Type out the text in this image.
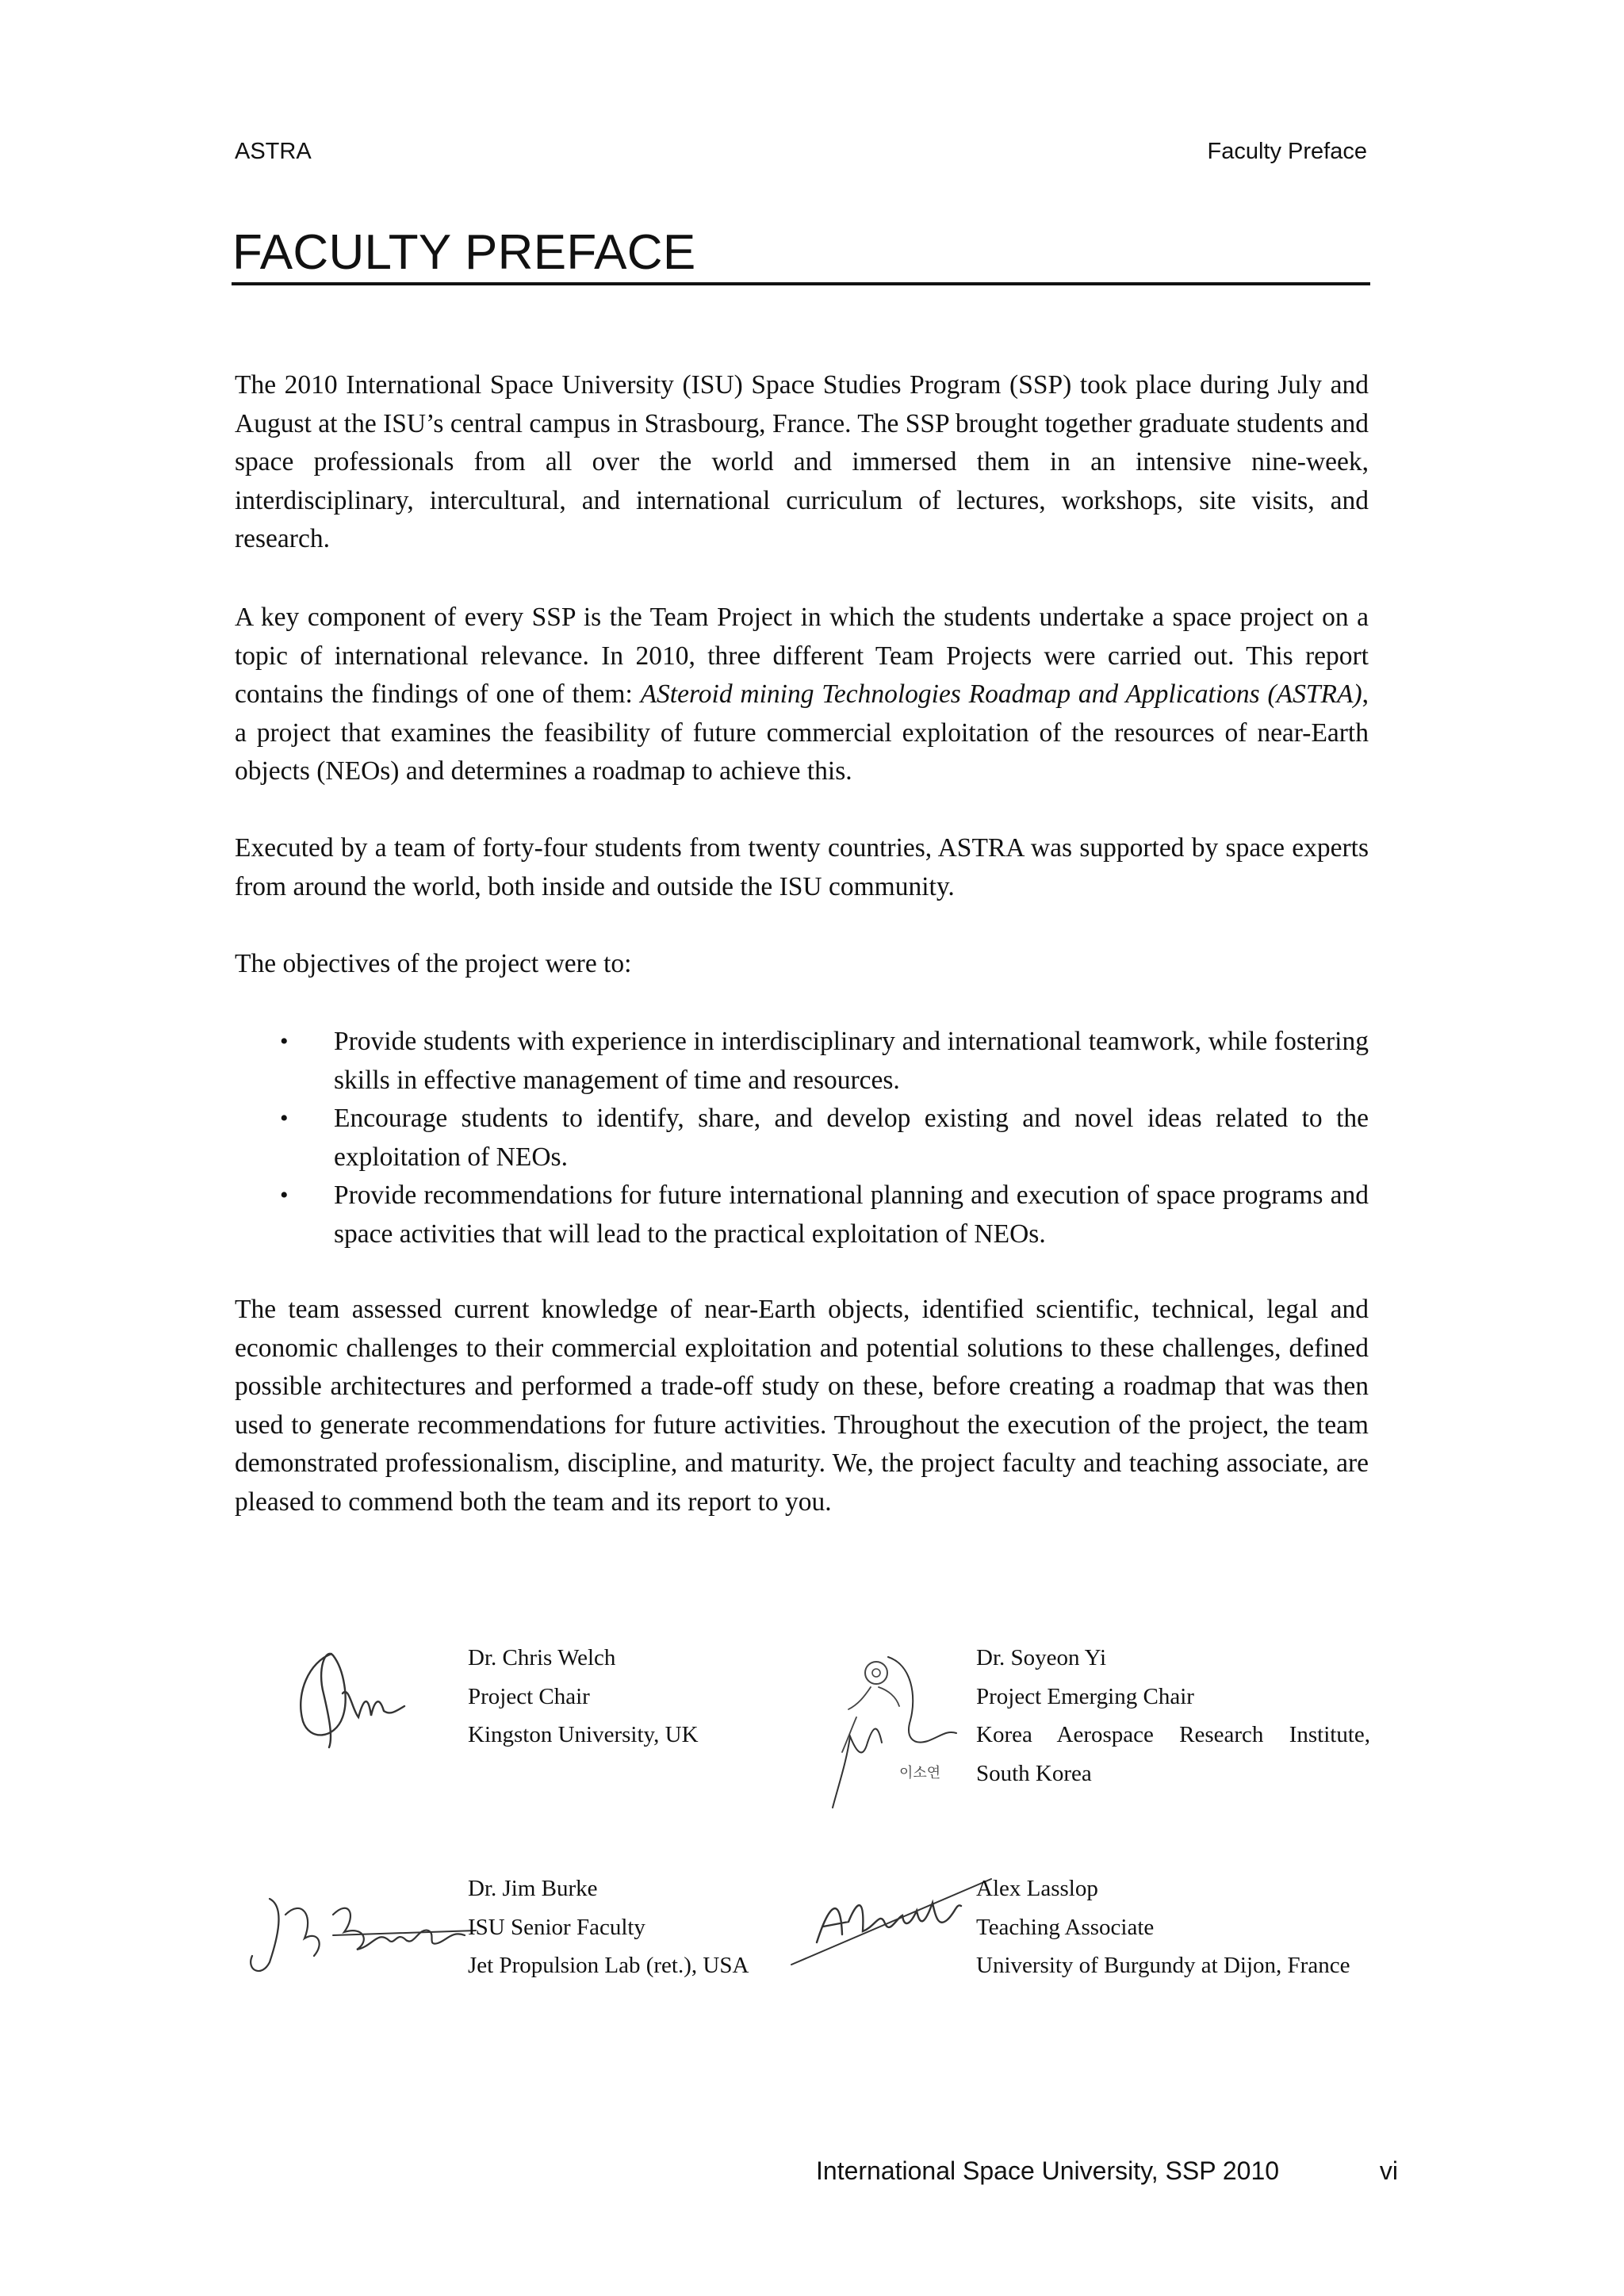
ASTRA	Faculty Preface
FACULTY PREFACE

The 2010 International Space University (ISU) Space Studies Program (SSP) took place during July and August at the ISU’s central campus in Strasbourg, France. The SSP brought together graduate students and space professionals from all over the world and immersed them in an intensive nine-week, interdisciplinary, intercultural, and international curriculum of lectures, workshops, site visits, and research.

A key component of every SSP is the Team Project in which the students undertake a space project on a topic of international relevance. In 2010, three different Team Projects were carried out. This report contains the findings of one of them: ASteroid mining Technologies Roadmap and Applications (ASTRA), a project that examines the feasibility of future commercial exploitation of the resources of near-Earth objects (NEOs) and determines a roadmap to achieve this.

Executed by a team of forty-four students from twenty countries, ASTRA was supported by space experts from around the world, both inside and outside the ISU community.

The objectives of the project were to:

• Provide students with experience in interdisciplinary and international teamwork, while fostering skills in effective management of time and resources.
• Encourage students to identify, share, and develop existing and novel ideas related to the exploitation of NEOs.
• Provide recommendations for future international planning and execution of space programs and space activities that will lead to the practical exploitation of NEOs.

The team assessed current knowledge of near-Earth objects, identified scientific, technical, legal and economic challenges to their commercial exploitation and potential solutions to these challenges, defined possible architectures and performed a trade-off study on these, before creating a roadmap that was then used to generate recommendations for future activities. Throughout the execution of the project, the team demonstrated professionalism, discipline, and maturity. We, the project faculty and teaching associate, are pleased to commend both the team and its report to you.

Dr. Chris Welch
Project Chair
Kingston University, UK
이소연
Dr. Soyeon Yi
Project Emerging Chair
Korea Aerospace Research Institute,
South Korea
Dr. Jim Burke
ISU Senior Faculty
Jet Propulsion Lab (ret.), USA
Alex Lasslop
Teaching Associate
University of Burgundy at Dijon, France
International Space University, SSP 2010	vi
